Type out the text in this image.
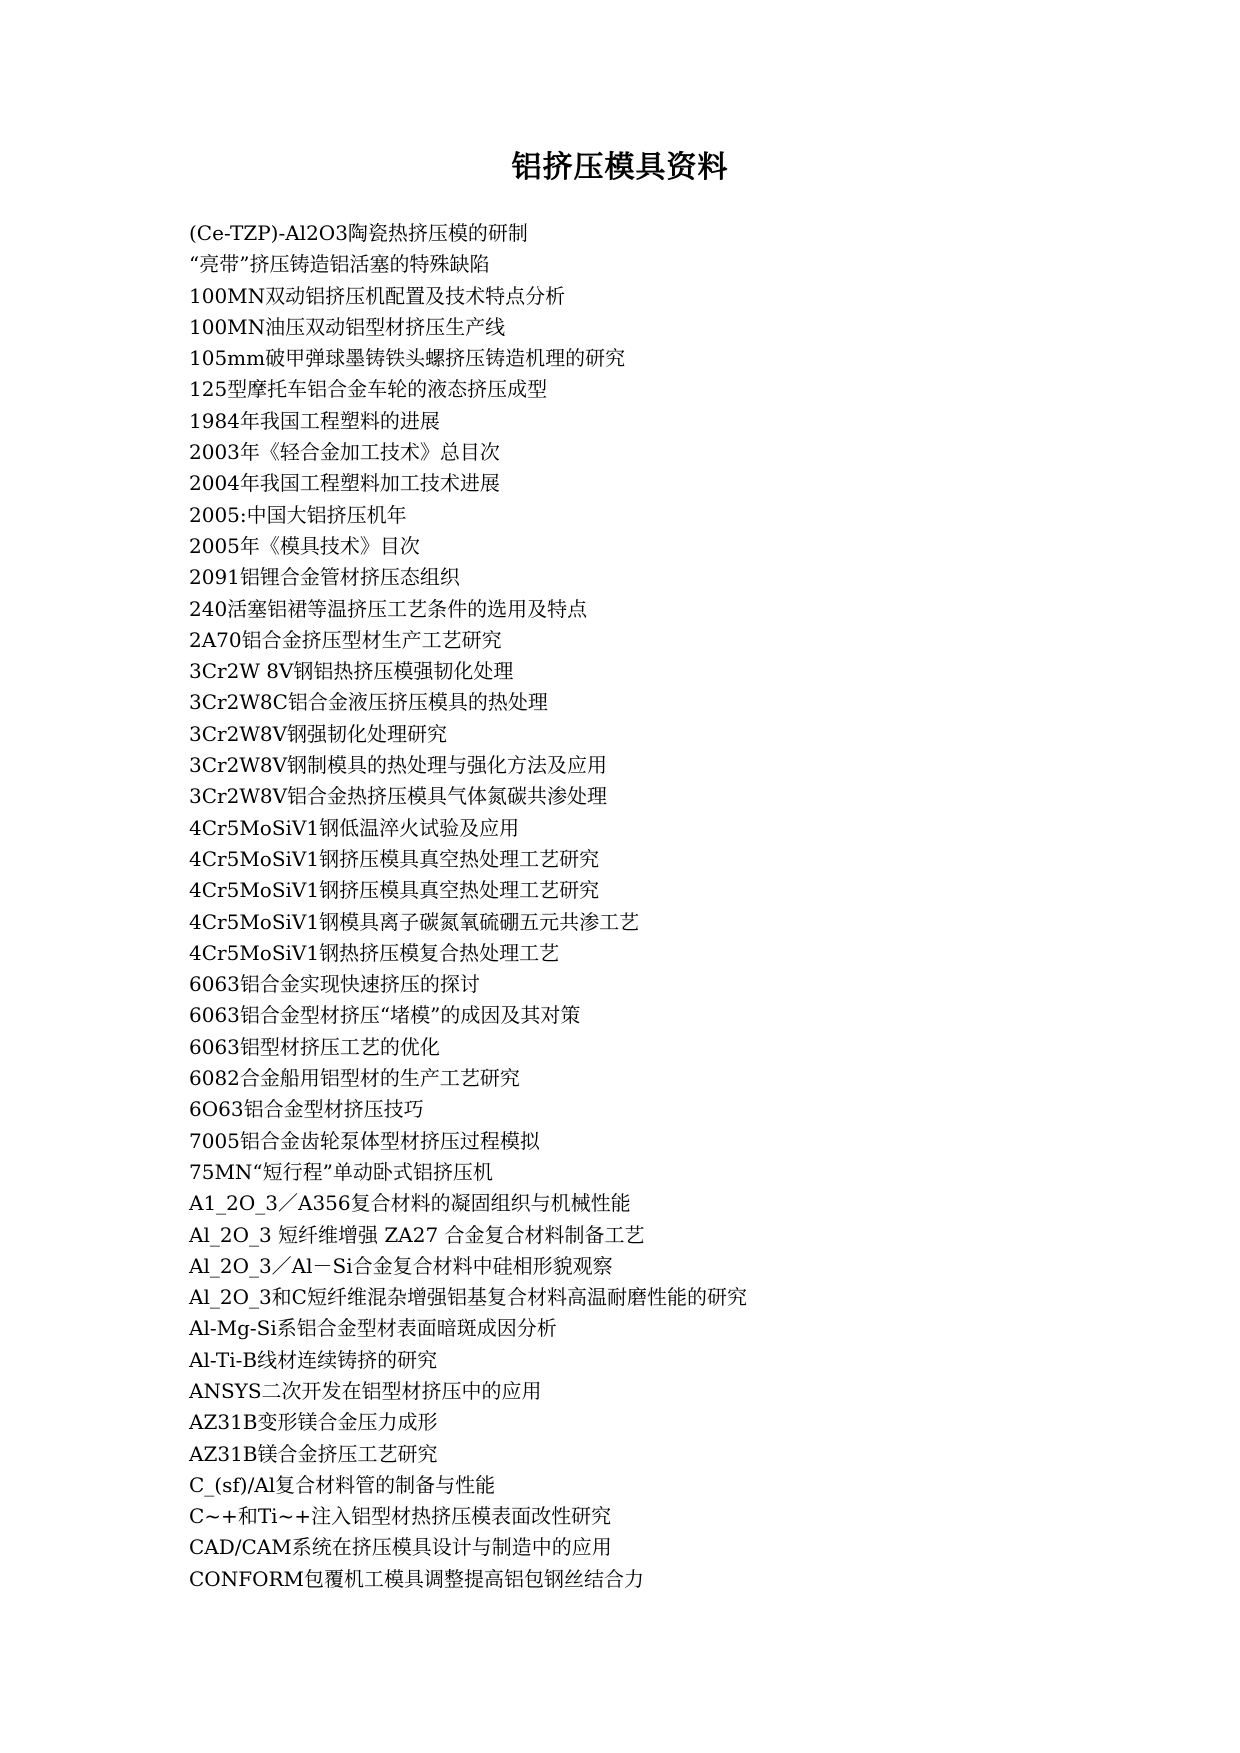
铝挤压模具资料
(Ce-TZP)-Al2O3陶瓷热挤压模的研制
“亮带”挤压铸造铝活塞的特殊缺陷
100MN双动铝挤压机配置及技术特点分析
100MN油压双动铝型材挤压生产线
105mm破甲弹球墨铸铁头螺挤压铸造机理的研究
125型摩托车铝合金车轮的液态挤压成型
1984年我国工程塑料的进展
2003年《轻合金加工技术》总目次
2004年我国工程塑料加工技术进展
2005:中国大铝挤压机年
2005年《模具技术》目次
2091铝锂合金管材挤压态组织
240活塞铝裙等温挤压工艺条件的选用及特点
2A70铝合金挤压型材生产工艺研究
3Cr2W 8V钢铝热挤压模强韧化处理
3Cr2W8C铝合金液压挤压模具的热处理
3Cr2W8V钢强韧化处理研究
3Cr2W8V钢制模具的热处理与强化方法及应用
3Cr2W8V铝合金热挤压模具气体氮碳共渗处理
4Cr5MoSiV1钢低温淬火试验及应用
4Cr5MoSiV1钢挤压模具真空热处理工艺研究
4Cr5MoSiV1钢挤压模具真空热处理工艺研究
4Cr5MoSiV1钢模具离子碳氮氧硫硼五元共渗工艺
4Cr5MoSiV1钢热挤压模复合热处理工艺
6063铝合金实现快速挤压的探讨
6063铝合金型材挤压“堵模”的成因及其对策
6063铝型材挤压工艺的优化
6082合金船用铝型材的生产工艺研究
6O63铝合金型材挤压技巧
7005铝合金齿轮泵体型材挤压过程模拟
75MN“短行程”单动卧式铝挤压机
A1_2O_3／A356复合材料的凝固组织与机械性能
Al_2O_3 短纤维增强 ZA27 合金复合材料制备工艺
Al_2O_3／Al－Si合金复合材料中硅相形貌观察
Al_2O_3和C短纤维混杂增强铝基复合材料高温耐磨性能的研究
Al-Mg-Si系铝合金型材表面暗斑成因分析
Al-Ti-B线材连续铸挤的研究
ANSYS二次开发在铝型材挤压中的应用
AZ31B变形镁合金压力成形
AZ31B镁合金挤压工艺研究
C_(sf)/Al复合材料管的制备与性能
C~+和Ti~+注入铝型材热挤压模表面改性研究
CAD/CAM系统在挤压模具设计与制造中的应用
CONFORM包覆机工模具调整提高铝包钢丝结合力
